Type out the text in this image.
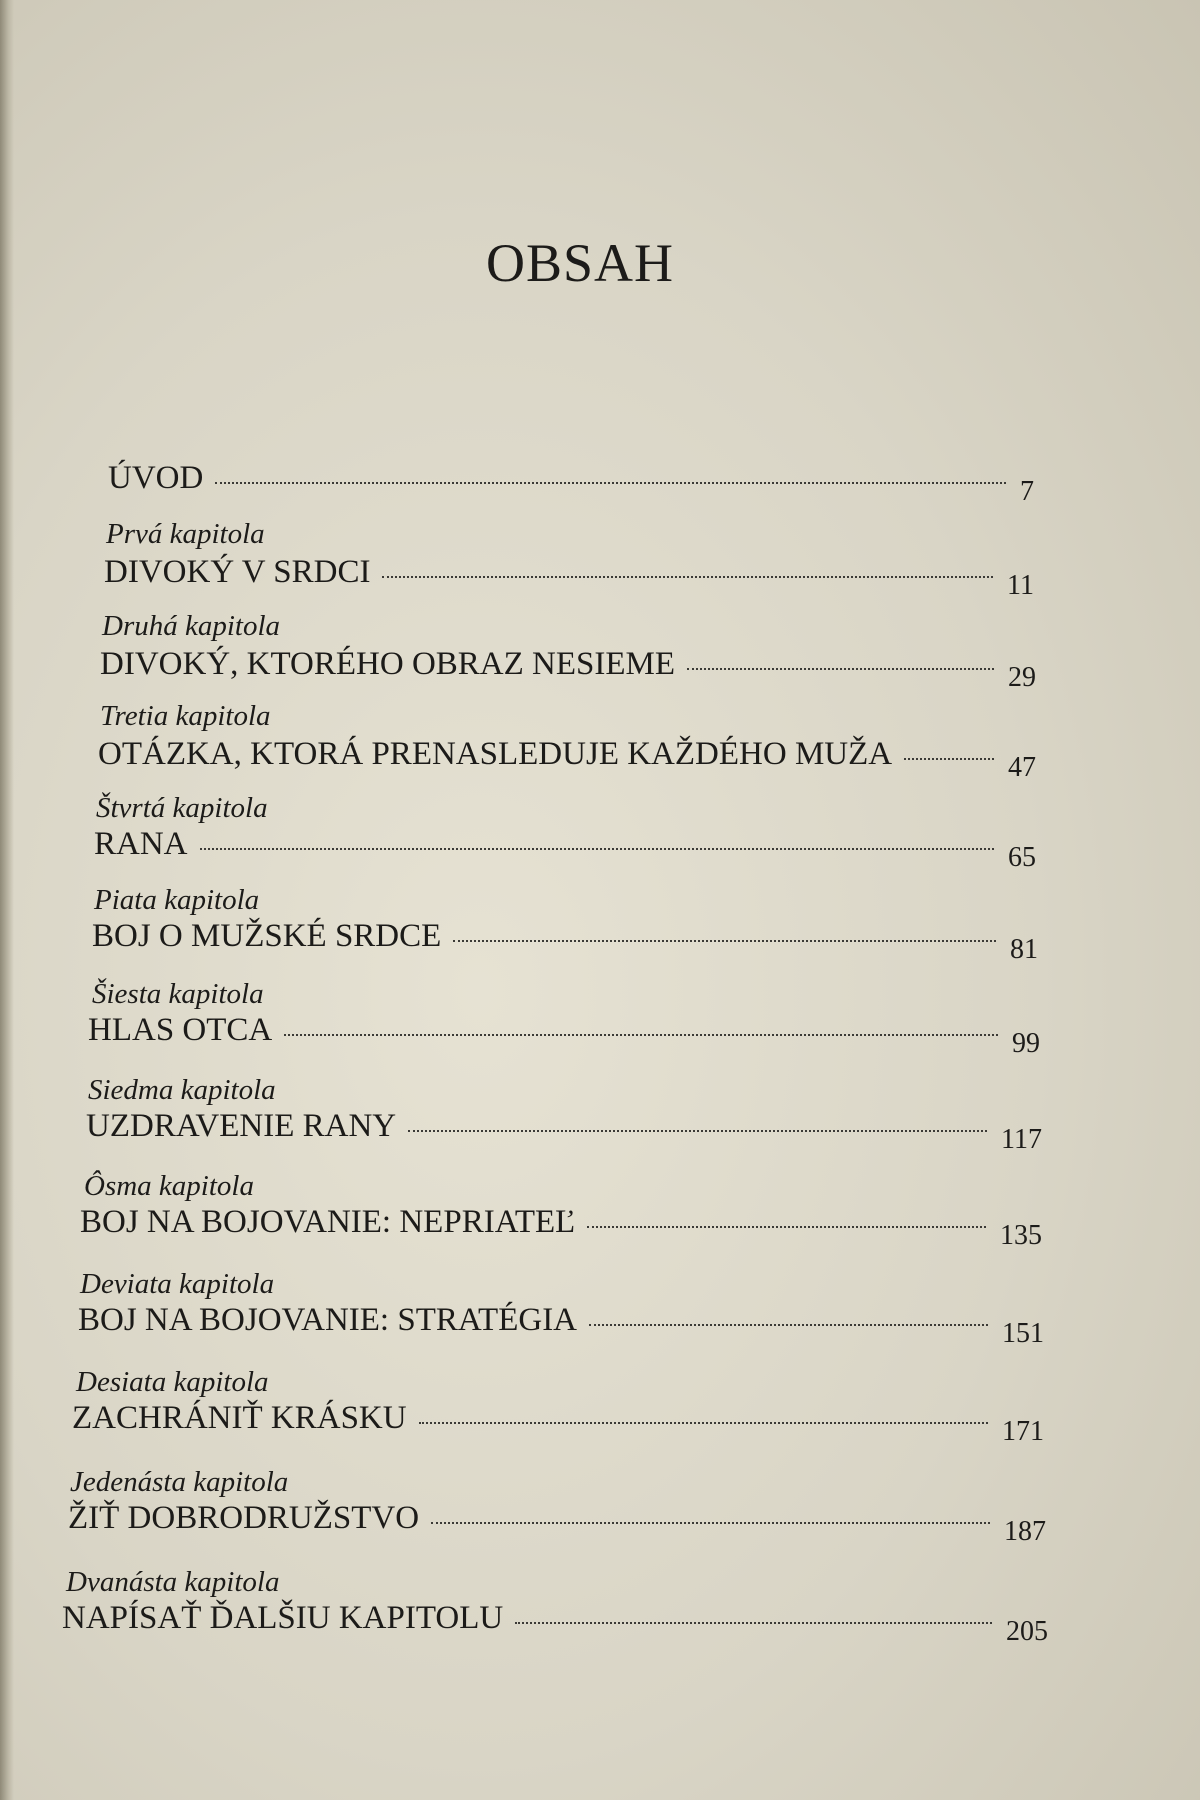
OBSAH
ÚVOD	7
Prvá kapitola
DIVOKÝ V SRDCI	11
Druhá kapitola
DIVOKÝ, KTORÉHO OBRAZ NESIEME	29
Tretia kapitola
OTÁZKA, KTORÁ PRENASLEDUJE KAŽDÉHO MUŽA	47
Štvrtá kapitola
RANA	65
Piata kapitola
BOJ O MUŽSKÉ SRDCE	81
Šiesta kapitola
HLAS OTCA	99
Siedma kapitola
UZDRAVENIE RANY	117
Ôsma kapitola
BOJ NA BOJOVANIE: NEPRIATEĽ	135
Deviata kapitola
BOJ NA BOJOVANIE: STRATÉGIA	151
Desiata kapitola
ZACHRÁNIŤ KRÁSKU	171
Jedenásta kapitola
ŽIŤ DOBRODRUŽSTVO	187
Dvanásta kapitola
NAPÍSAŤ ĎALŠIU KAPITOLU	205
